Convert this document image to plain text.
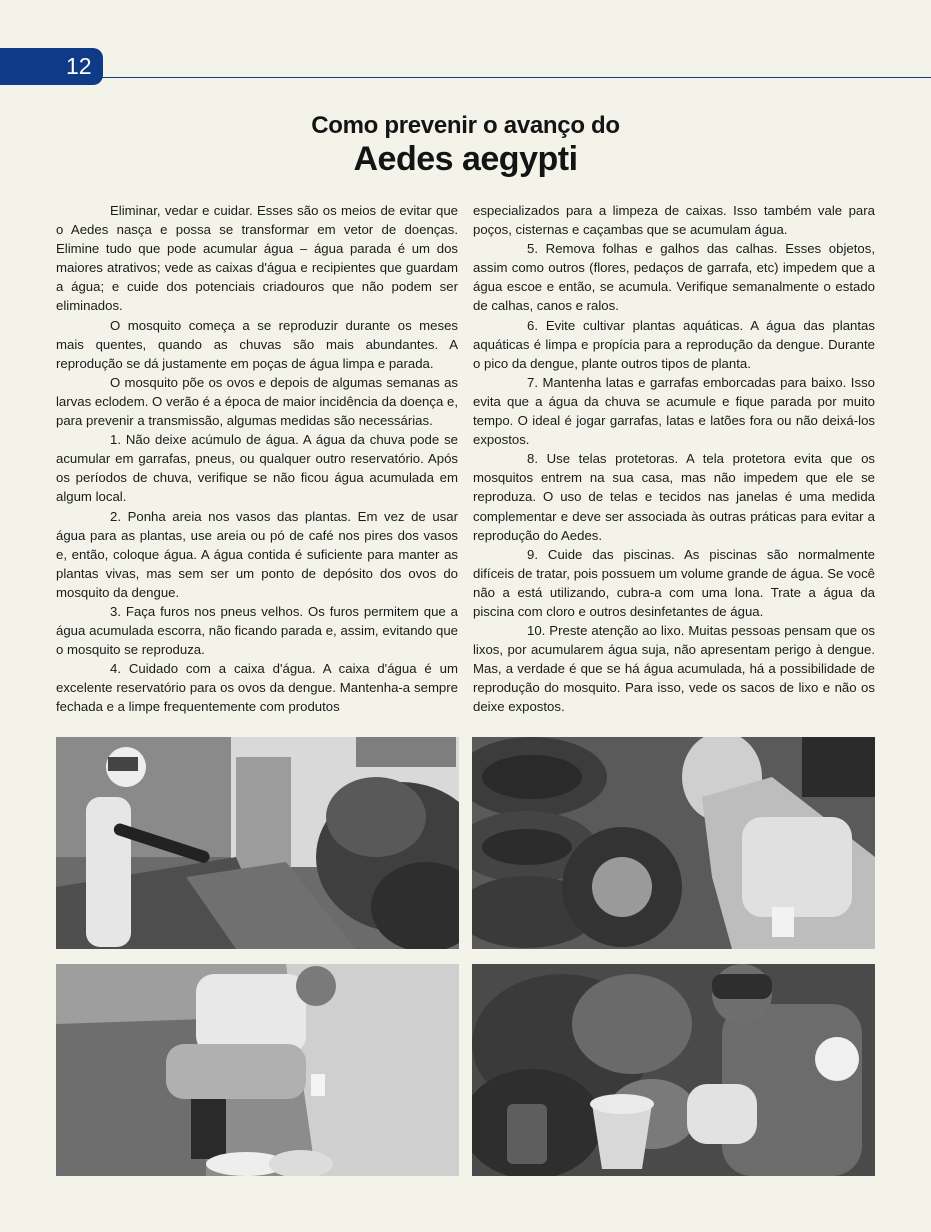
12
Como prevenir o avanço do
Aedes aegypti

Eliminar, vedar e cuidar. Esses são os meios de evitar que o Aedes nasça e possa se transformar em vetor de doenças. Elimine tudo que pode acumular água – água parada é um dos maiores atrativos; vede as caixas d'água e recipientes que guardam a água; e cuide dos potenciais criadouros que não podem ser eliminados.

O mosquito começa a se reproduzir durante os meses mais quentes, quando as chuvas são mais abundantes. A reprodução se dá justamente em poças de água limpa e parada.

O mosquito põe os ovos e depois de algumas semanas as larvas eclodem. O verão é a época de maior incidência da doença e, para prevenir a transmissão, algumas medidas são necessárias.

1. Não deixe acúmulo de água. A água da chuva pode se acumular em garrafas, pneus, ou qualquer outro reservatório. Após os períodos de chuva, verifique se não ficou água acumulada em algum local.

2. Ponha areia nos vasos das plantas. Em vez de usar água para as plantas, use areia ou pó de café nos pires dos vasos e, então, coloque água. A água contida é suficiente para manter as plantas vivas, mas sem ser um ponto de depósito dos ovos do mosquito da dengue.

3. Faça furos nos pneus velhos. Os furos permitem que a água acumulada escorra, não ficando parada e, assim, evitando que o mosquito se reproduza.

4. Cuidado com a caixa d'água. A caixa d'água é um excelente reservatório para os ovos da dengue. Mantenha-a sempre fechada e a limpe frequentemente com produtos

especializados para a limpeza de caixas. Isso também vale para poços, cisternas e caçambas que se acumulam água.

5. Remova folhas e galhos das calhas. Esses objetos, assim como outros (flores, pedaços de garrafa, etc) impedem que a água escoe e então, se acumula. Verifique semanalmente o estado de calhas, canos e ralos.

6. Evite cultivar plantas aquáticas. A água das plantas aquáticas é limpa e propícia para a reprodução da dengue. Durante o pico da dengue, plante outros tipos de planta.

7. Mantenha latas e garrafas emborcadas para baixo. Isso evita que a água da chuva se acumule e fique parada por muito tempo. O ideal é jogar garrafas, latas e latões fora ou não deixá-los expostos.

8. Use telas protetoras. A tela protetora evita que os mosquitos entrem na sua casa, mas não impedem que ele se reproduza. O uso de telas e tecidos nas janelas é uma medida complementar e deve ser associada às outras práticas para evitar a reprodução do Aedes.

9. Cuide das piscinas. As piscinas são normalmente difíceis de tratar, pois possuem um volume grande de água. Se você não a está utilizando, cubra-a com uma lona. Trate a água da piscina com cloro e outros desinfetantes de água.

10. Preste atenção ao lixo. Muitas pessoas pensam que os lixos, por acumularem água suja, não apresentam perigo à dengue. Mas, a verdade é que se há água acumulada, há a possibilidade de reprodução do mosquito. Para isso, vede os sacos de lixo e não os deixe expostos.
